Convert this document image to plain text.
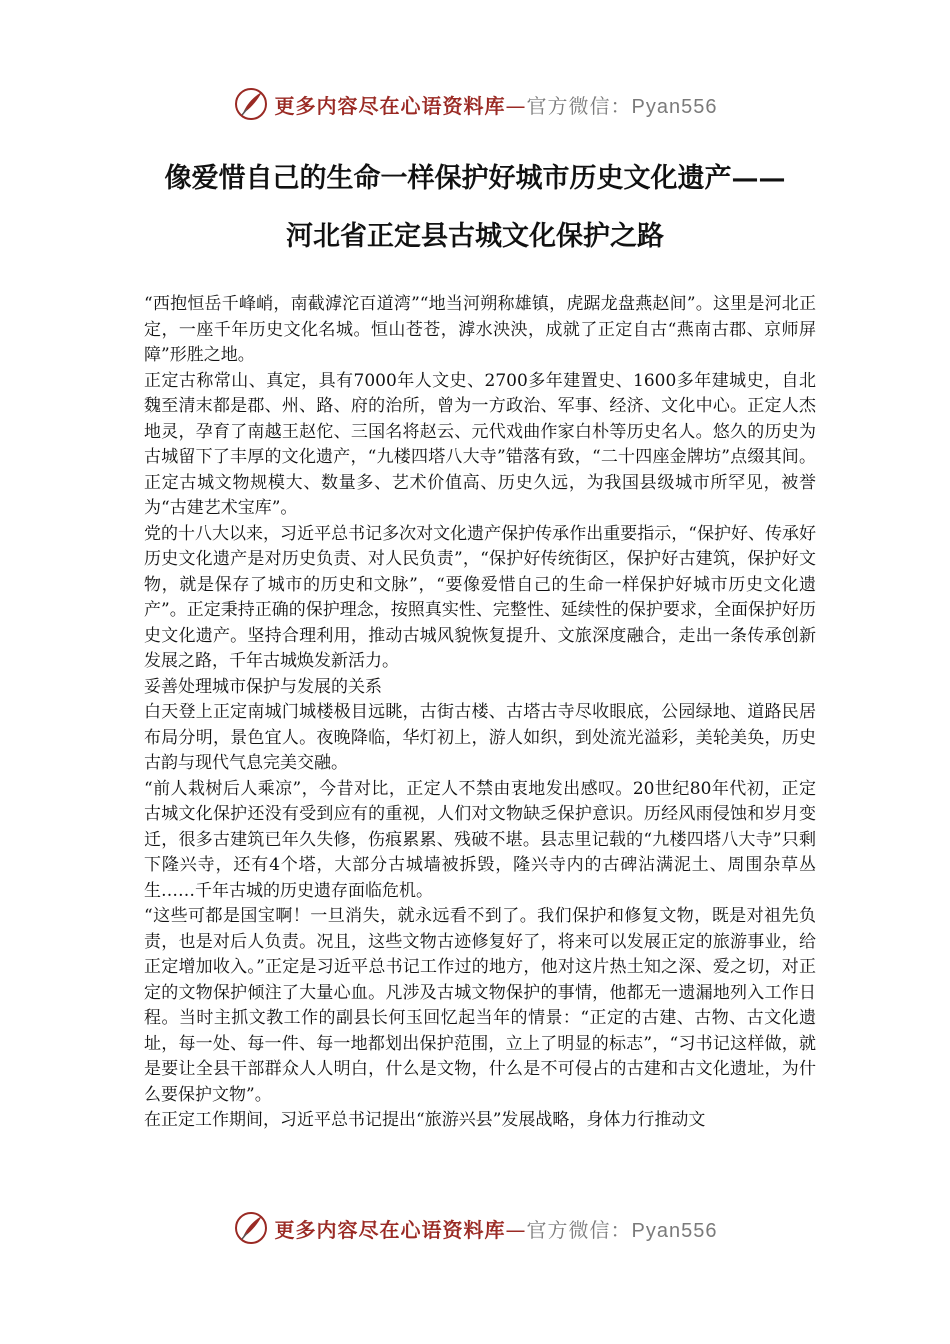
更多内容尽在心语资料库—官方微信：Pyan556
像爱惜自己的生命一样保护好城市历史文化遗产——
河北省正定县古城文化保护之路

“西抱恒岳千峰峭，南截滹沱百道湾”“地当河朔称雄镇，虎踞龙盘燕赵间”。这里是河北正定，一座千年历史文化名城。恒山苍苍，滹水泱泱，成就了正定自古“燕南古郡、京师屏障”形胜之地。

正定古称常山、真定，具有7000年人文史、2700多年建置史、1600多年建城史，自北魏至清末都是郡、州、路、府的治所，曾为一方政治、军事、经济、文化中心。正定人杰地灵，孕育了南越王赵佗、三国名将赵云、元代戏曲作家白朴等历史名人。悠久的历史为古城留下了丰厚的文化遗产，“九楼四塔八大寺”错落有致，“二十四座金牌坊”点缀其间。正定古城文物规模大、数量多、艺术价值高、历史久远，为我国县级城市所罕见，被誉为“古建艺术宝库”。

党的十八大以来，习近平总书记多次对文化遗产保护传承作出重要指示，“保护好、传承好历史文化遗产是对历史负责、对人民负责”，“保护好传统街区，保护好古建筑，保护好文物，就是保存了城市的历史和文脉”，“要像爱惜自己的生命一样保护好城市历史文化遗产”。正定秉持正确的保护理念，按照真实性、完整性、延续性的保护要求，全面保护好历史文化遗产。坚持合理利用，推动古城风貌恢复提升、文旅深度融合，走出一条传承创新发展之路，千年古城焕发新活力。

妥善处理城市保护与发展的关系

白天登上正定南城门城楼极目远眺，古街古楼、古塔古寺尽收眼底，公园绿地、道路民居布局分明，景色宜人。夜晚降临，华灯初上，游人如织，到处流光溢彩，美轮美奂，历史古韵与现代气息完美交融。

“前人栽树后人乘凉”，今昔对比，正定人不禁由衷地发出感叹。20世纪80年代初，正定古城文化保护还没有受到应有的重视，人们对文物缺乏保护意识。历经风雨侵蚀和岁月变迁，很多古建筑已年久失修，伤痕累累、残破不堪。县志里记载的“九楼四塔八大寺”只剩下隆兴寺，还有4个塔，大部分古城墙被拆毁，隆兴寺内的古碑沾满泥土、周围杂草丛生……千年古城的历史遗存面临危机。

“这些可都是国宝啊！一旦消失，就永远看不到了。我们保护和修复文物，既是对祖先负责，也是对后人负责。况且，这些文物古迹修复好了，将来可以发展正定的旅游事业，给正定增加收入。”正定是习近平总书记工作过的地方，他对这片热土知之深、爱之切，对正定的文物保护倾注了大量心血。凡涉及古城文物保护的事情，他都无一遗漏地列入工作日程。当时主抓文教工作的副县长何玉回忆起当年的情景：“正定的古建、古物、古文化遗址，每一处、每一件、每一地都划出保护范围，立上了明显的标志”，“习书记这样做，就是要让全县干部群众人人明白，什么是文物，什么是不可侵占的古建和古文化遗址，为什么要保护文物”。

在正定工作期间，习近平总书记提出“旅游兴县”发展战略，身体力行推动文

更多内容尽在心语资料库—官方微信：Pyan556
